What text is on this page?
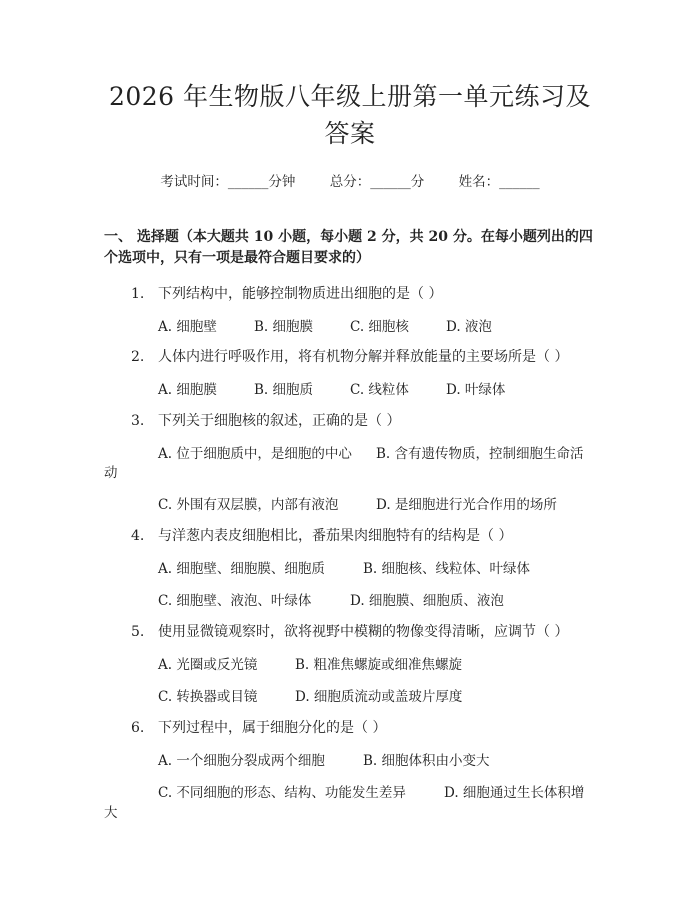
2026 年生物版八年级上册第一单元练习及答案
考试时间：______分钟	总分：______分	姓名：______
一、 选择题（本大题共 10 小题，每小题 2 分，共 20 分。在每小题列出的四个选项中，只有一项是最符合题目要求的）
1. 下列结构中，能够控制物质进出细胞的是（ ）
A. 细胞壁	B. 细胞膜	C. 细胞核	D. 液泡
2. 人体内进行呼吸作用，将有机物分解并释放能量的主要场所是（ ）
A. 细胞膜	B. 细胞质	C. 线粒体	D. 叶绿体
3. 下列关于细胞核的叙述，正确的是（ ）
A. 位于细胞质中，是细胞的中心 B. 含有遗传物质，控制细胞生命活
动
C. 外围有双层膜，内部有液泡	D. 是细胞进行光合作用的场所
4. 与洋葱内表皮细胞相比，番茄果肉细胞特有的结构是（ ）
A. 细胞壁、细胞膜、细胞质	B. 细胞核、线粒体、叶绿体
C. 细胞壁、液泡、叶绿体	D. 细胞膜、细胞质、液泡
5. 使用显微镜观察时，欲将视野中模糊的物像变得清晰，应调节（ ）
A. 光圈或反光镜	B. 粗准焦螺旋或细准焦螺旋
C. 转换器或目镜	D. 细胞质流动或盖玻片厚度
6. 下列过程中，属于细胞分化的是（ ）
A. 一个细胞分裂成两个细胞	B. 细胞体积由小变大
C. 不同细胞的形态、结构、功能发生差异	D. 细胞通过生长体积增
大
